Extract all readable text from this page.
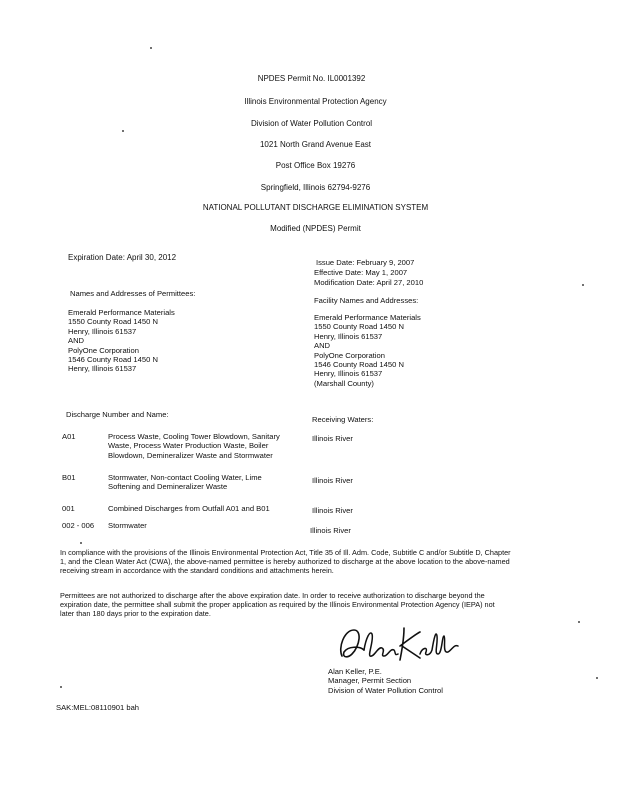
NPDES Permit No. IL0001392
Illinois Environmental Protection Agency
Division of Water Pollution Control
1021 North Grand Avenue East
Post Office Box 19276
Springfield, Illinois 62794-9276
NATIONAL POLLUTANT DISCHARGE ELIMINATION SYSTEM
Modified (NPDES) Permit
Expiration Date: April 30, 2012
Issue Date: February 9, 2007
Effective Date: May 1, 2007
Modification Date: April 27, 2010
Names and Addresses of Permittees:
Emerald Performance Materials
1550 County Road 1450 N
Henry, Illinois 61537
AND
PolyOne Corporation
1546 County Road 1450 N
Henry, Illinois 61537
Facility Names and Addresses:
Emerald Performance Materials
1550 County Road 1450 N
Henry, Illinois 61537
AND
PolyOne Corporation
1546 County Road 1450 N
Henry, Illinois 61537
(Marshall County)
Discharge Number and Name:
Receiving Waters:
A01	Process Waste, Cooling Tower Blowdown, Sanitary
Waste, Process Water Production Waste, Boiler
Blowdown, Demineralizer Waste and Stormwater
Illinois River
B01	Stormwater, Non-contact Cooling Water, Lime
Softening and Demineralizer Waste
Illinois River
001	Combined Discharges from Outfall A01 and B01	Illinois River
002 - 006 Stormwater
Illinois River
In compliance with the provisions of the Illinois Environmental Protection Act, Title 35 of Ill. Adm. Code, Subtitle C and/or Subtitle D, Chapter
1, and the Clean Water Act (CWA), the above-named permittee is hereby authorized to discharge at the above location to the above-named
receiving stream in accordance with the standard conditions and attachments herein.
Permittees are not authorized to discharge after the above expiration date. In order to receive authorization to discharge beyond the
expiration date, the permittee shall submit the proper application as required by the Illinois Environmental Protection Agency (IEPA) not
later than 180 days prior to the expiration date.
Alan Keller, P.E.
Manager, Permit Section
Division of Water Pollution Control
SAK:MEL:08110901 bah
